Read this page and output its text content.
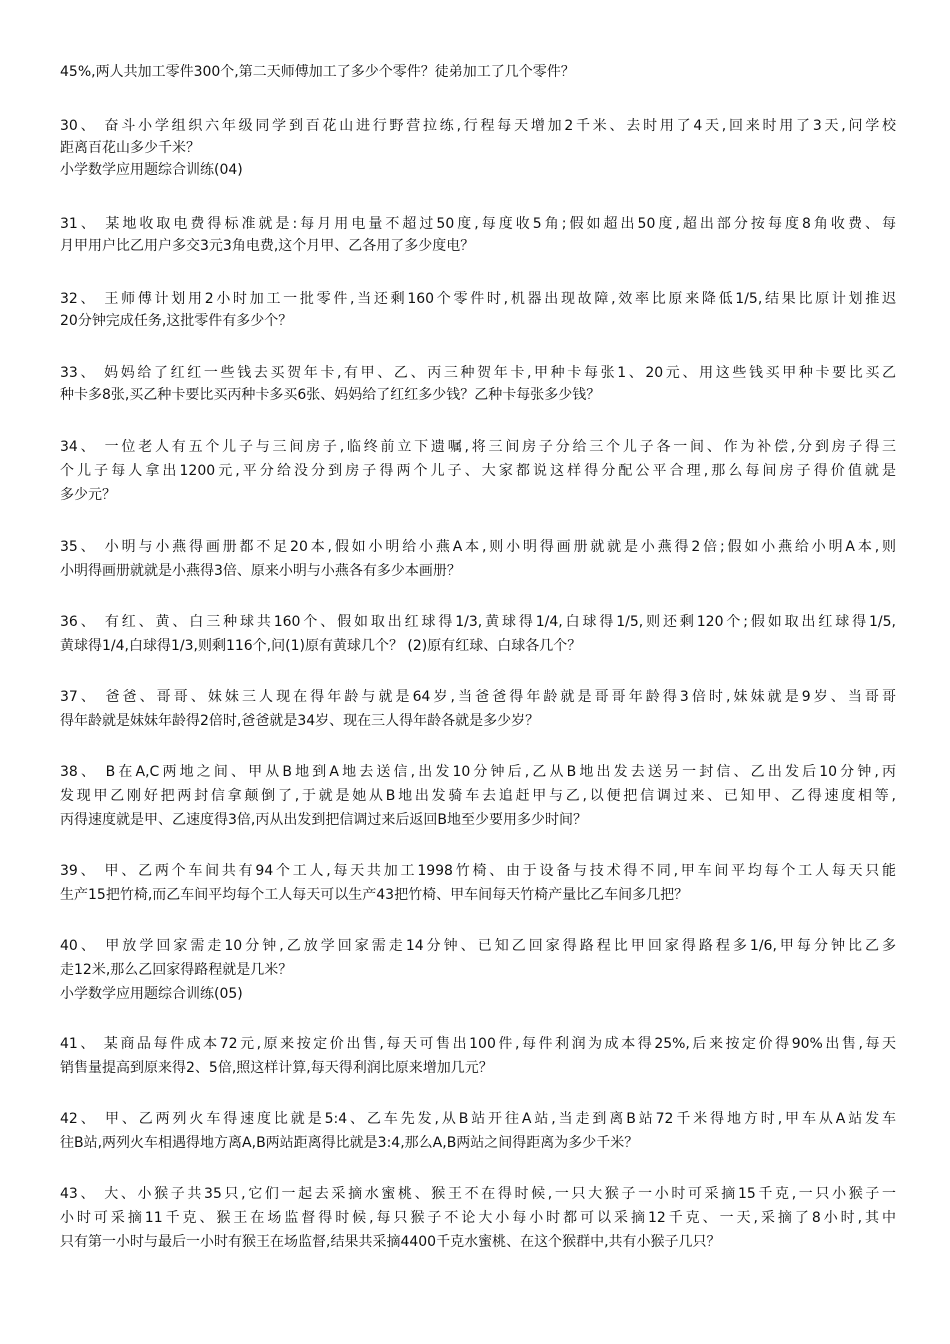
45%,两人共加工零件300个,第二天师傅加工了多少个零件？徒弟加工了几个零件？
30、 奋斗小学组织六年级同学到百花山进行野营拉练,行程每天增加2千米、去时用了4天,回来时用了3天,问学校
距离百花山多少千米？
小学数学应用题综合训练(04)
31、 某地收取电费得标准就是:每月用电量不超过50度,每度收5角;假如超出50度,超出部分按每度8角收费、每
月甲用户比乙用户多交3元3角电费,这个月甲、乙各用了多少度电？
32、 王师傅计划用2小时加工一批零件,当还剩160个零件时,机器出现故障,效率比原来降低1/5,结果比原计划推迟
20分钟完成任务,这批零件有多少个？
33、 妈妈给了红红一些钱去买贺年卡,有甲、乙、丙三种贺年卡,甲种卡每张1、20元、用这些钱买甲种卡要比买乙
种卡多8张,买乙种卡要比买丙种卡多买6张、妈妈给了红红多少钱？乙种卡每张多少钱？
34、 一位老人有五个儿子与三间房子,临终前立下遗嘱,将三间房子分给三个儿子各一间、作为补偿,分到房子得三
个儿子每人拿出1200元,平分给没分到房子得两个儿子、大家都说这样得分配公平合理,那么每间房子得价值就是
多少元？
35、 小明与小燕得画册都不足20本,假如小明给小燕A本,则小明得画册就就是小燕得2倍;假如小燕给小明A本,则
小明得画册就就是小燕得3倍、原来小明与小燕各有多少本画册？
36、 有红、黄、白三种球共160个、假如取出红球得1/3,黄球得1/4,白球得1/5,则还剩120个;假如取出红球得1/5,
黄球得1/4,白球得1/3,则剩116个,问(1)原有黄球几个？ (2)原有红球、白球各几个？
37、 爸爸、哥哥、妹妹三人现在得年龄与就是64岁,当爸爸得年龄就是哥哥年龄得3倍时,妹妹就是9岁、当哥哥
得年龄就是妹妹年龄得2倍时,爸爸就是34岁、现在三人得年龄各就是多少岁？
38、 B在A,C两地之间、甲从B地到A地去送信,出发10分钟后,乙从B地出发去送另一封信、乙出发后10分钟,丙
发现甲乙刚好把两封信拿颠倒了,于就是她从B地出发骑车去追赶甲与乙,以便把信调过来、已知甲、乙得速度相等,
丙得速度就是甲、乙速度得3倍,丙从出发到把信调过来后返回B地至少要用多少时间？
39、 甲、乙两个车间共有94个工人,每天共加工1998竹椅、由于设备与技术得不同,甲车间平均每个工人每天只能
生产15把竹椅,而乙车间平均每个工人每天可以生产43把竹椅、甲车间每天竹椅产量比乙车间多几把？
40、 甲放学回家需走10分钟,乙放学回家需走14分钟、已知乙回家得路程比甲回家得路程多1/6,甲每分钟比乙多
走12米,那么乙回家得路程就是几米？
小学数学应用题综合训练(05)
41、 某商品每件成本72元,原来按定价出售,每天可售出100件,每件利润为成本得25%,后来按定价得90%出售,每天
销售量提高到原来得2、5倍,照这样计算,每天得利润比原来增加几元？
42、 甲、乙两列火车得速度比就是5:4、乙车先发,从B站开往A站,当走到离B站72千米得地方时,甲车从A站发车
往B站,两列火车相遇得地方离A,B两站距离得比就是3:4,那么A,B两站之间得距离为多少千米？
43、 大、小猴子共35只,它们一起去采摘水蜜桃、猴王不在得时候,一只大猴子一小时可采摘15千克,一只小猴子一
小时可采摘11千克、猴王在场监督得时候,每只猴子不论大小每小时都可以采摘12千克、一天,采摘了8小时,其中
只有第一小时与最后一小时有猴王在场监督,结果共采摘4400千克水蜜桃、在这个猴群中,共有小猴子几只？
